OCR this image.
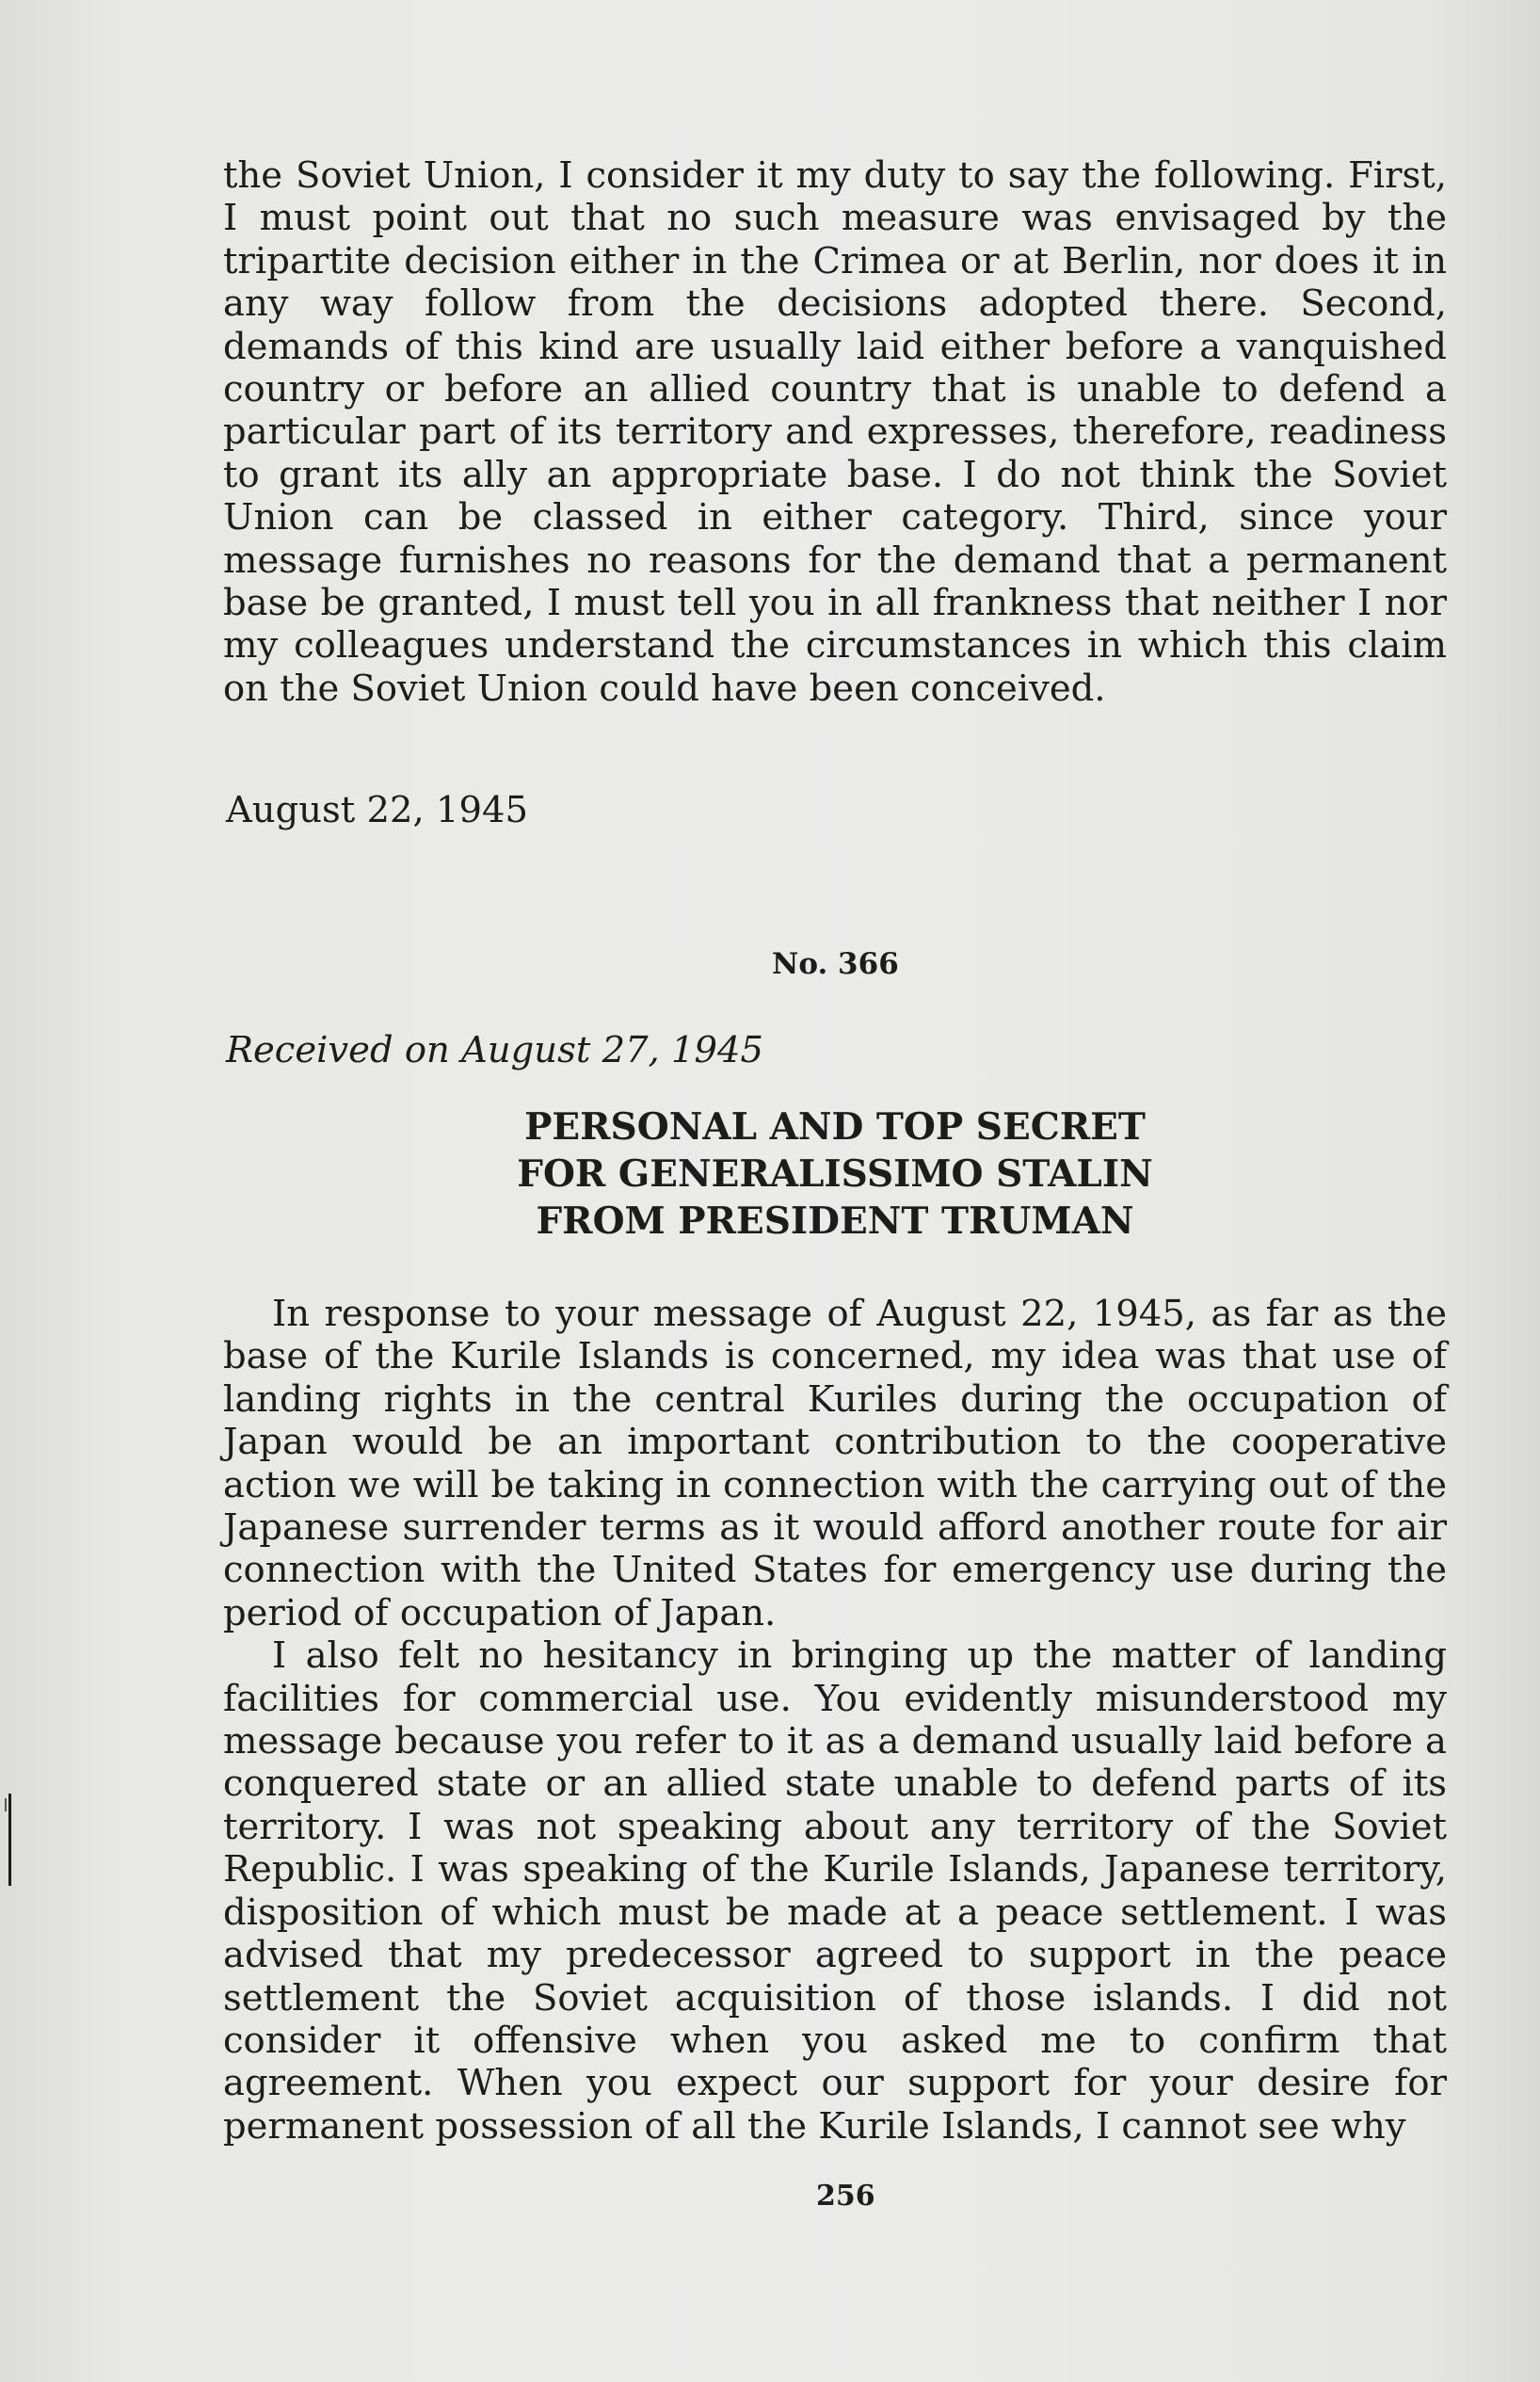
the Soviet Union, I consider it my duty to say the following. First, I must point out that no such measure was envisaged by the tripartite decision either in the Crimea or at Berlin, nor does it in any way follow from the decisions adopted there. Second, demands of this kind are usually laid either before a vanquished country or before an allied country that is unable to defend a particular part of its territory and expresses, therefore, readiness to grant its ally an appropriate base. I do not think the Soviet Union can be classed in either category. Third, since your message furnishes no reasons for the demand that a permanent base be granted, I must tell you in all frankness that neither I nor my colleagues understand the circumstances in which this claim on the Soviet Union could have been conceived.

August 22, 1945
No. 366
Received on August 27, 1945
PERSONAL AND TOP SECRET
FOR GENERALISSIMO STALIN
FROM PRESIDENT TRUMAN

In response to your message of August 22, 1945, as far as the base of the Kurile Islands is concerned, my idea was that use of landing rights in the central Kuriles during the occupation of Japan would be an important contribution to the cooperative action we will be taking in connection with the carrying out of the Japanese surrender terms as it would afford another route for air connection with the United States for emergency use during the period of occupation of Japan.

I also felt no hesitancy in bringing up the matter of landing facilities for commercial use. You evidently misunderstood my message because you refer to it as a demand usually laid before a conquered state or an allied state unable to defend parts of its territory. I was not speaking about any territory of the Soviet Republic. I was speaking of the Kurile Islands, Japanese territory, disposition of which must be made at a peace settlement. I was advised that my predecessor agreed to support in the peace settlement the Soviet acquisition of those islands. I did not consider it offensive when you asked me to confirm that agreement. When you expect our support for your desire for permanent possession of all the Kurile Islands, I cannot see why

256
